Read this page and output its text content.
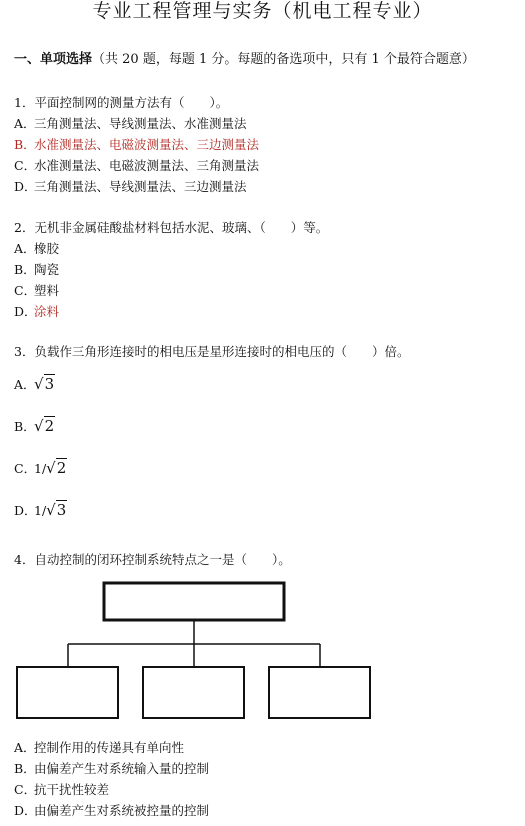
专业工程管理与实务（机电工程专业）
一、单项选择（共 20 题，每题 1 分。每题的备选项中，只有 1 个最符合题意）
1．平面控制网的测量方法有（　　）。
A．三角测量法、导线测量法、水准测量法
B．水准测量法、电磁波测量法、三边测量法
C．水准测量法、电磁波测量法、三角测量法
D．三角测量法、导线测量法、三边测量法
2．无机非金属硅酸盐材料包括水泥、玻璃、（　　）等。
A．橡胶
B．陶瓷
C．塑料
D．涂料
3．负载作三角形连接时的相电压是星形连接时的相电压的（　　）倍。
A．√3
B．√2
C．1/√2
D．1/√3
4．自动控制的闭环控制系统特点之一是（　　）。
A．控制作用的传递具有单向性
B．由偏差产生对系统输入量的控制
C．抗干扰性较差
D．由偏差产生对系统被控量的控制
